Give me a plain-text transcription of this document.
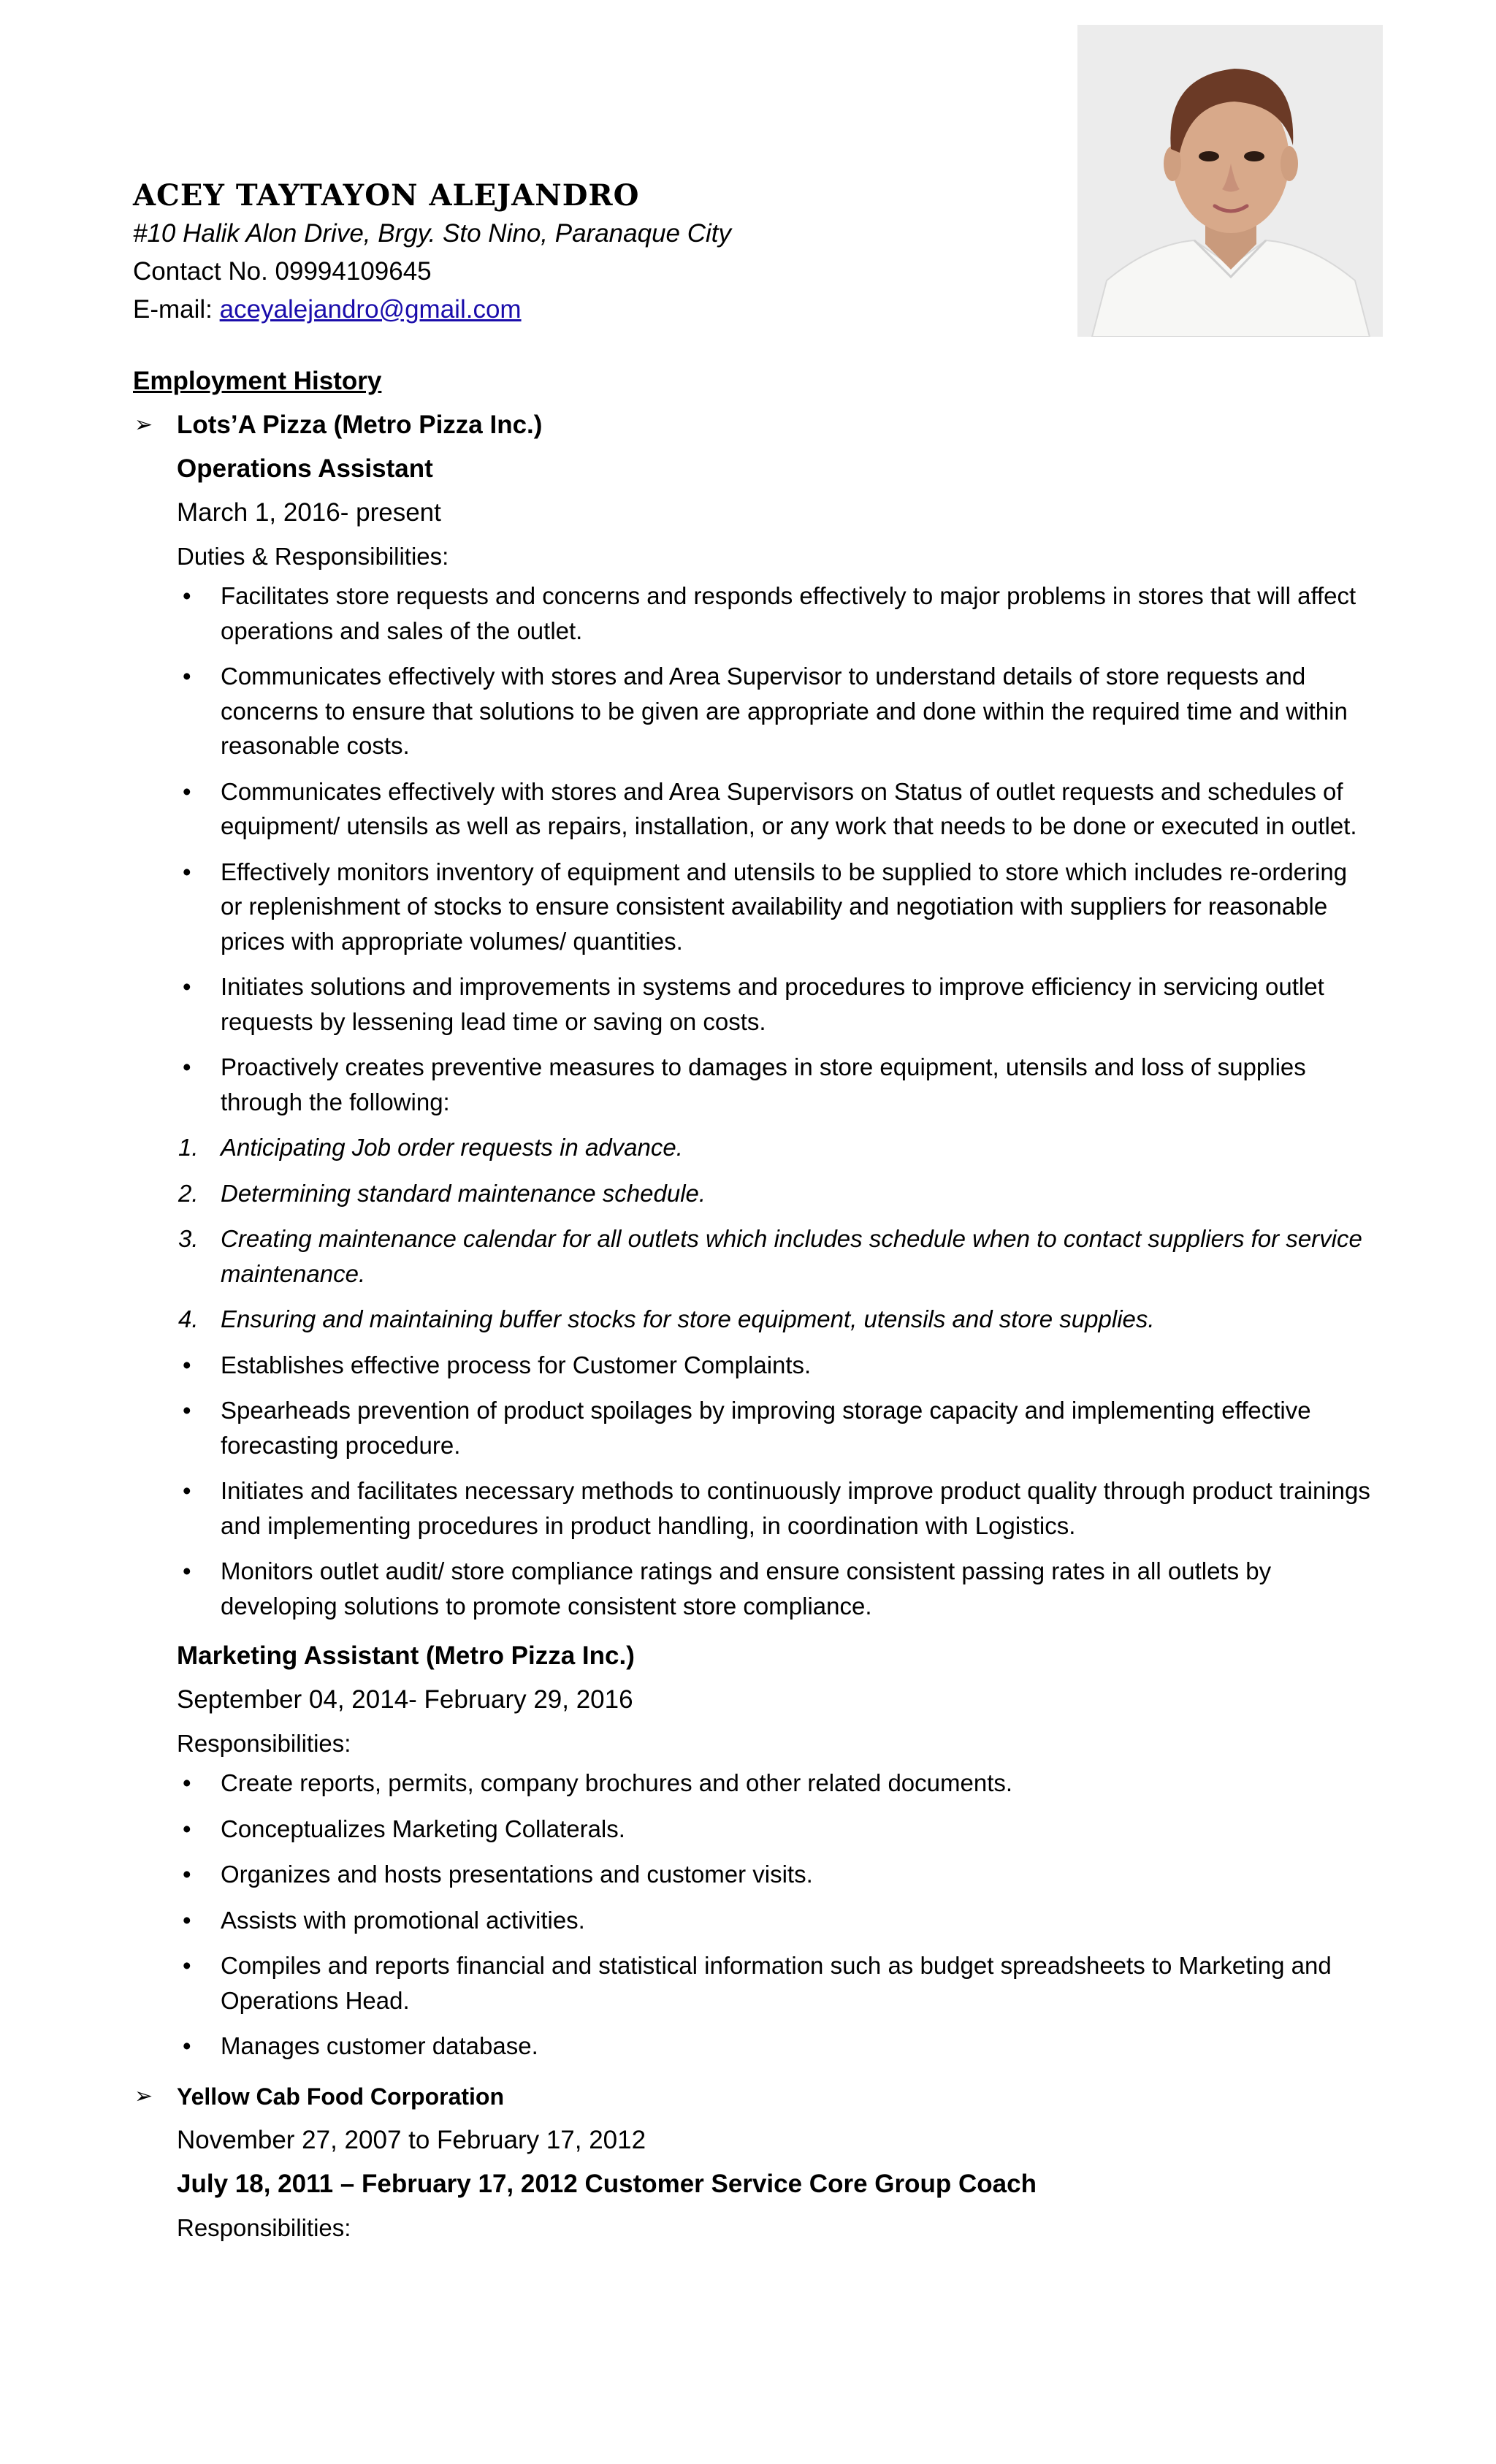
ACEY TAYTAYON ALEJANDRO
#10 Halik Alon Drive, Brgy. Sto Nino, Paranaque City
Contact No. 09994109645
E-mail: aceyalejandro@gmail.com
Employment History
➢ Lots’A Pizza (Metro Pizza Inc.)
Operations Assistant
March 1, 2016- present
Duties & Responsibilities:
• Facilitates store requests and concerns and responds effectively to major problems in stores that will affect operations and sales of the outlet.
• Communicates effectively with stores and Area Supervisor to understand details of store requests and concerns to ensure that solutions to be given are appropriate and done within the required time and within reasonable costs.
• Communicates effectively with stores and Area Supervisors on Status of outlet requests and schedules of equipment/ utensils as well as repairs, installation, or any work that needs to be done or executed in outlet.
• Effectively monitors inventory of equipment and utensils to be supplied to store which includes re-ordering or replenishment of stocks to ensure consistent availability and negotiation with suppliers for reasonable prices with appropriate volumes/ quantities.
• Initiates solutions and improvements in systems and procedures to improve efficiency in servicing outlet requests by lessening lead time or saving on costs.
• Proactively creates preventive measures to damages in store equipment, utensils and loss of supplies through the following:
1. Anticipating Job order requests in advance.
2. Determining standard maintenance schedule.
3. Creating maintenance calendar for all outlets which includes schedule when to contact suppliers for service maintenance.
4. Ensuring and maintaining buffer stocks for store equipment, utensils and store supplies.
• Establishes effective process for Customer Complaints.
• Spearheads prevention of product spoilages by improving storage capacity and implementing effective forecasting procedure.
• Initiates and facilitates necessary methods to continuously improve product quality through product trainings and implementing procedures in product handling, in coordination with Logistics.
• Monitors outlet audit/ store compliance ratings and ensure consistent passing rates in all outlets by developing solutions to promote consistent store compliance.
Marketing Assistant (Metro Pizza Inc.)
September 04, 2014- February 29, 2016
Responsibilities:
• Create reports, permits, company brochures and other related documents.
• Conceptualizes Marketing Collaterals.
• Organizes and hosts presentations and customer visits.
• Assists with promotional activities.
• Compiles and reports financial and statistical information such as budget spreadsheets to Marketing and Operations Head.
• Manages customer database.
➢ Yellow Cab Food Corporation
November 27, 2007 to February 17, 2012
July 18, 2011 – February 17, 2012 Customer Service Core Group Coach
Responsibilities:
